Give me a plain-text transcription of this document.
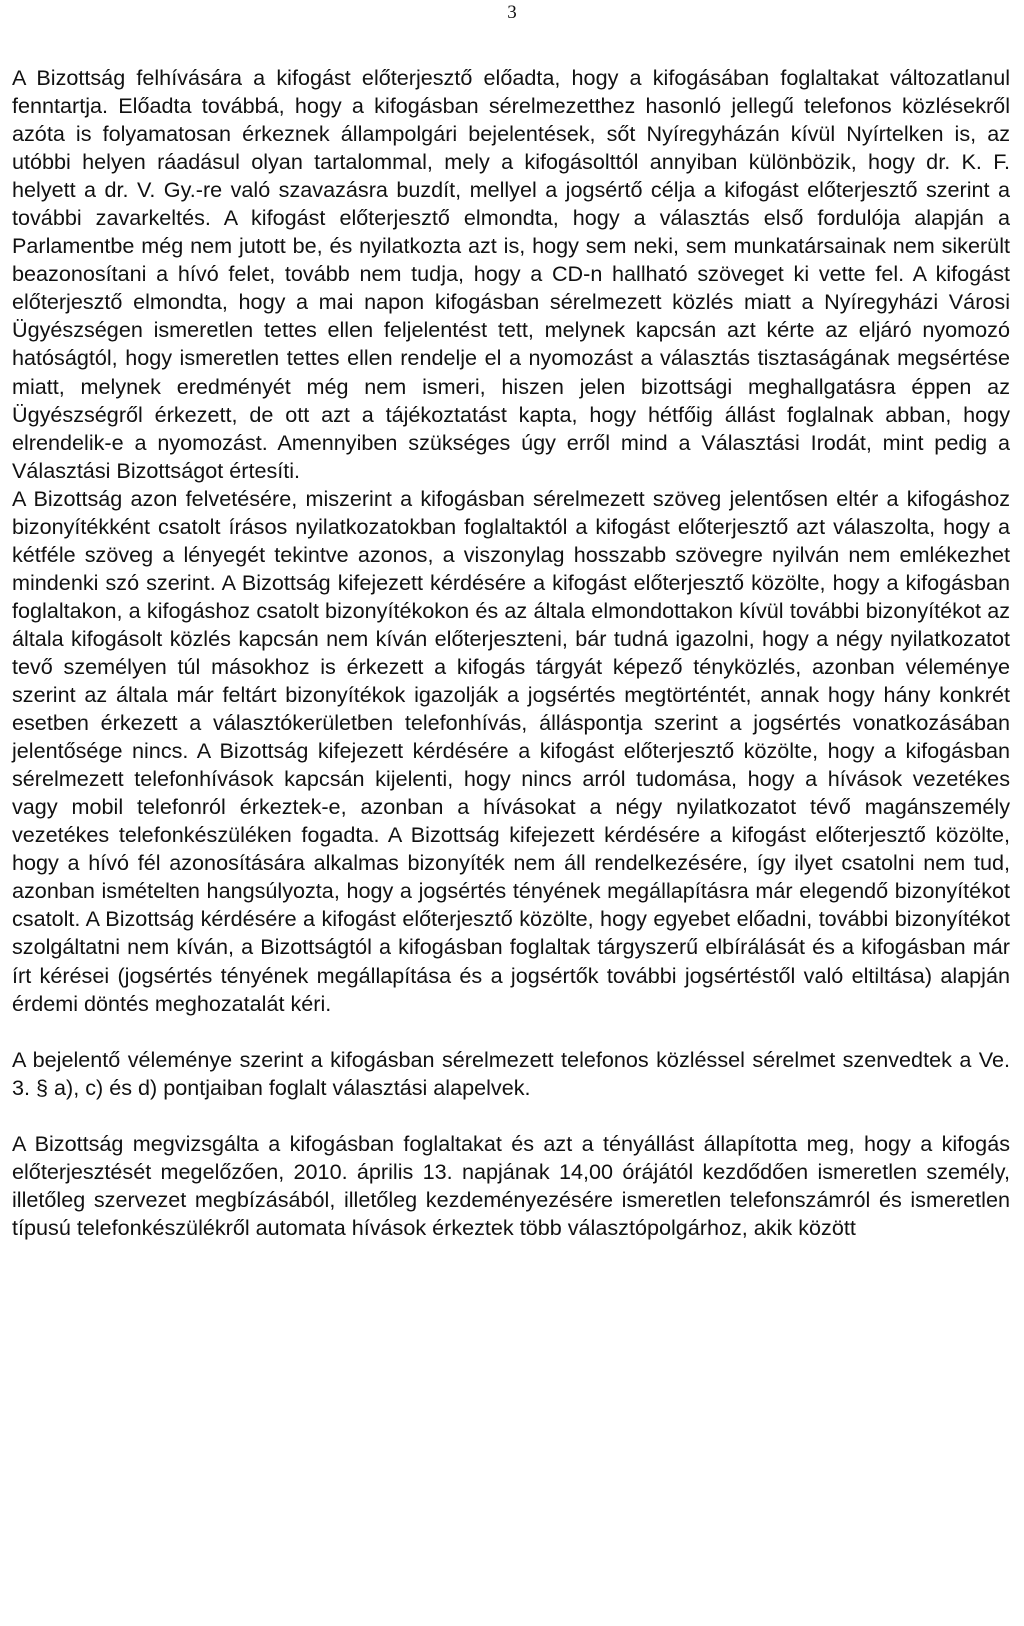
3

A Bizottság felhívására a kifogást előterjesztő előadta, hogy a kifogásában foglaltakat változatlanul fenntartja. Előadta továbbá, hogy a kifogásban sérelmezetthez hasonló jellegű telefonos közlésekről azóta is folyamatosan érkeznek állampolgári bejelentések, sőt Nyíregyházán kívül Nyírtelken is, az utóbbi helyen ráadásul olyan tartalommal, mely a kifogásolttól annyiban különbözik, hogy dr. K. F. helyett a dr. V. Gy.-re való szavazásra buzdít, mellyel a jogsértő célja a kifogást előterjesztő szerint a további zavarkeltés. A kifogást előterjesztő elmondta, hogy a választás első fordulója alapján a Parlamentbe még nem jutott be, és nyilatkozta azt is, hogy sem neki, sem munkatársainak nem sikerült beazonosítani a hívó felet, tovább nem tudja, hogy a CD-n hallható szöveget ki vette fel. A kifogást előterjesztő elmondta, hogy a mai napon kifogásban sérelmezett közlés miatt a Nyíregyházi Városi Ügyészségen ismeretlen tettes ellen feljelentést tett, melynek kapcsán azt kérte az eljáró nyomozó hatóságtól, hogy ismeretlen tettes ellen rendelje el a nyomozást a választás tisztaságának megsértése miatt, melynek eredményét még nem ismeri, hiszen jelen bizottsági meghallgatásra éppen az Ügyészségről érkezett, de ott azt a tájékoztatást kapta, hogy hétfőig állást foglalnak abban, hogy elrendelik-e a nyomozást. Amennyiben szükséges úgy erről mind a Választási Irodát, mint pedig a Választási Bizottságot értesíti.

A Bizottság azon felvetésére, miszerint a kifogásban sérelmezett szöveg jelentősen eltér a kifogáshoz bizonyítékként csatolt írásos nyilatkozatokban foglaltaktól a kifogást előterjesztő azt válaszolta, hogy a kétféle szöveg a lényegét tekintve azonos, a viszonylag hosszabb szövegre nyilván nem emlékezhet mindenki szó szerint. A Bizottság kifejezett kérdésére a kifogást előterjesztő közölte, hogy a kifogásban foglaltakon, a kifogáshoz csatolt bizonyítékokon és az általa elmondottakon kívül további bizonyítékot az általa kifogásolt közlés kapcsán nem kíván előterjeszteni, bár tudná igazolni, hogy a négy nyilatkozatot tevő személyen túl másokhoz is érkezett a kifogás tárgyát képező tényközlés, azonban véleménye szerint az általa már feltárt bizonyítékok igazolják a jogsértés megtörténtét, annak hogy hány konkrét esetben érkezett a választókerületben telefonhívás, álláspontja szerint a jogsértés vonatkozásában jelentősége nincs. A Bizottság kifejezett kérdésére a kifogást előterjesztő közölte, hogy a kifogásban sérelmezett telefonhívások kapcsán kijelenti, hogy nincs arról tudomása, hogy a hívások vezetékes vagy mobil telefonról érkeztek-e, azonban a hívásokat a négy nyilatkozatot tévő magánszemély vezetékes telefonkészüléken fogadta. A Bizottság kifejezett kérdésére a kifogást előterjesztő közölte, hogy a hívó fél azonosítására alkalmas bizonyíték nem áll rendelkezésére, így ilyet csatolni nem tud, azonban ismételten hangsúlyozta, hogy a jogsértés tényének megállapításra már elegendő bizonyítékot csatolt. A Bizottság kérdésére a kifogást előterjesztő közölte, hogy egyebet előadni, további bizonyítékot szolgáltatni nem kíván, a Bizottságtól a kifogásban foglaltak tárgyszerű elbírálását és a kifogásban már írt kérései (jogsértés tényének megállapítása és a jogsértők további jogsértéstől való eltiltása) alapján érdemi döntés meghozatalát kéri.

A bejelentő véleménye szerint a kifogásban sérelmezett telefonos közléssel sérelmet szenvedtek a Ve. 3. § a), c) és d) pontjaiban foglalt választási alapelvek.

A Bizottság megvizsgálta a kifogásban foglaltakat és azt a tényállást állapította meg, hogy a kifogás előterjesztését megelőzően, 2010. április 13. napjának 14,00 órájától kezdődően ismeretlen személy, illetőleg szervezet megbízásából, illetőleg kezdeményezésére ismeretlen telefonszámról és ismeretlen típusú telefonkészülékről automata hívások érkeztek több választópolgárhoz, akik között
